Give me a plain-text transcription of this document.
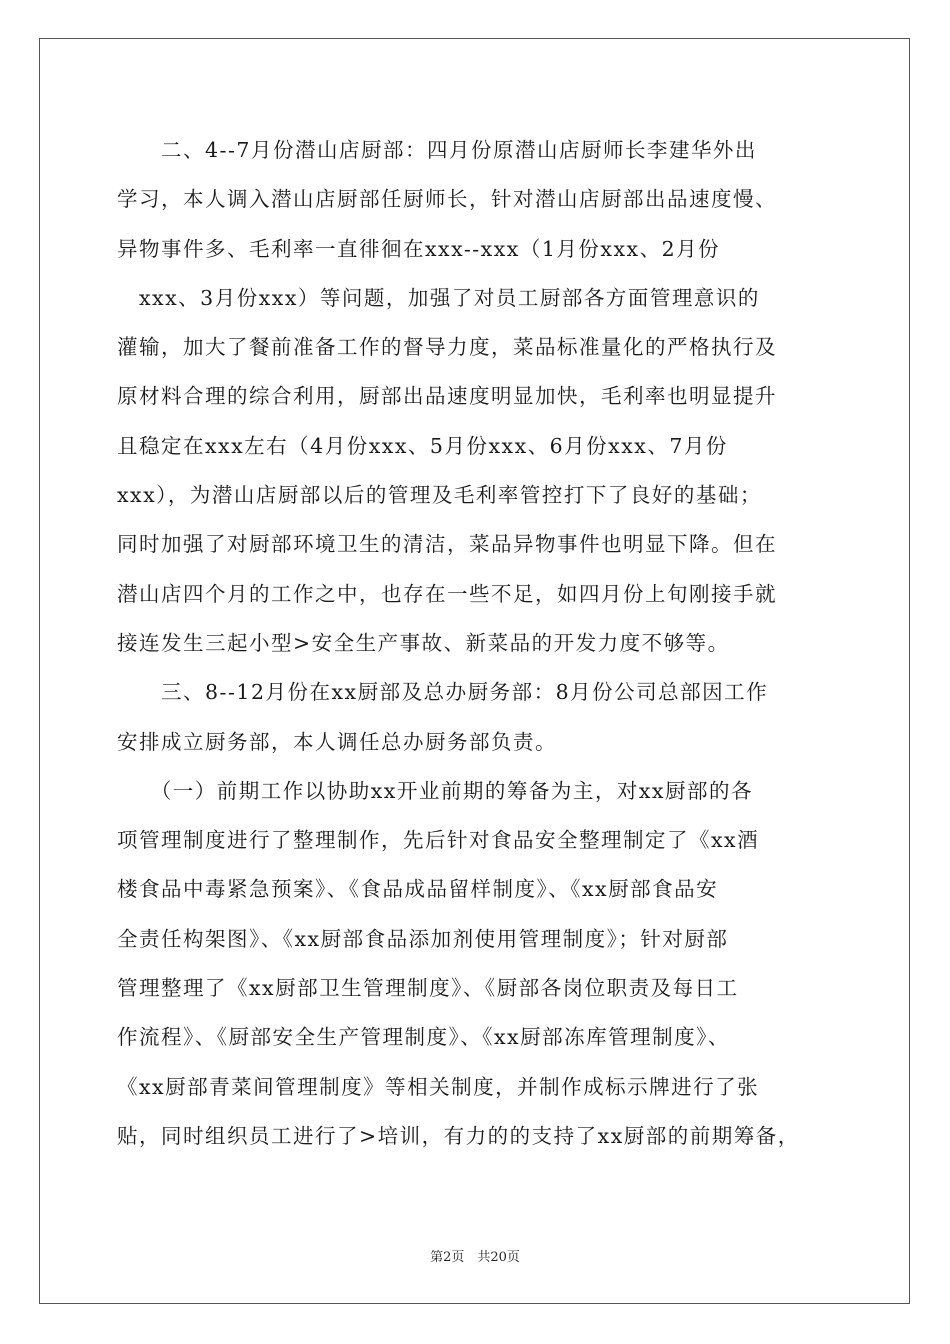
　　二、4--7月份潜山店厨部：四月份原潜山店厨师长李建华外出
学习，本人调入潜山店厨部任厨师长，针对潜山店厨部出品速度慢、
异物事件多、毛利率一直徘徊在xxx--xxx（1月份xxx、2月份
　xxx、3月份xxx）等问题，加强了对员工厨部各方面管理意识的
灌输，加大了餐前准备工作的督导力度，菜品标准量化的严格执行及
原材料合理的综合利用，厨部出品速度明显加快，毛利率也明显提升
且稳定在xxx左右（4月份xxx、5月份xxx、6月份xxx、7月份
xxx），为潜山店厨部以后的管理及毛利率管控打下了良好的基础；
同时加强了对厨部环境卫生的清洁，菜品异物事件也明显下降。但在
潜山店四个月的工作之中，也存在一些不足，如四月份上旬刚接手就
接连发生三起小型>安全生产事故、新菜品的开发力度不够等。
　　三、8--12月份在xx厨部及总办厨务部：8月份公司总部因工作
安排成立厨务部，本人调任总办厨务部负责。
　　（一）前期工作以协助xx开业前期的筹备为主，对xx厨部的各
项管理制度进行了整理制作，先后针对食品安全整理制定了《xx酒
楼食品中毒紧急预案》、《食品成品留样制度》、《xx厨部食品安
全责任构架图》、《xx厨部食品添加剂使用管理制度》；针对厨部
管理整理了《xx厨部卫生管理制度》、《厨部各岗位职责及每日工
作流程》、《厨部安全生产管理制度》、《xx厨部冻库管理制度》、
《xx厨部青菜间管理制度》等相关制度，并制作成标示牌进行了张
贴，同时组织员工进行了>培训，有力的的支持了xx厨部的前期筹备，
第2页　共20页
